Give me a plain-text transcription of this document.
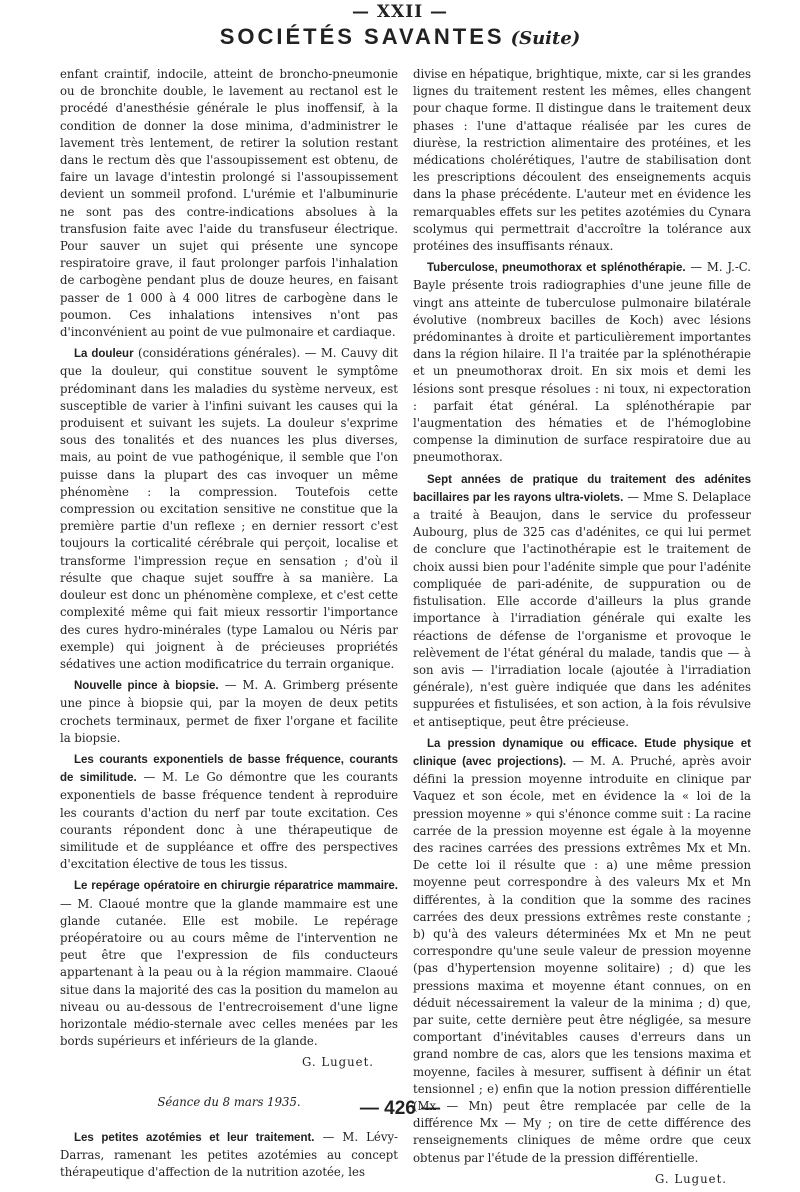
— XXII —
SOCIÉTÉS SAVANTES (Suite)

enfant craintif, indocile, atteint de broncho-pneumonie ou de bronchite double, le lavement au rectanol est le procédé d'anesthésie générale le plus inoffensif, à la condition de donner la dose minima, d'administrer le lavement très lentement, de retirer la solution restant dans le rectum dès que l'assoupissement est obtenu, de faire un lavage d'intestin prolongé si l'assoupissement devient un sommeil profond. L'urémie et l'albuminurie ne sont pas des contre-indications absolues à la transfusion faite avec l'aide du transfuseur électrique. Pour sauver un sujet qui présente une syncope respiratoire grave, il faut prolonger parfois l'inhalation de carbogène pendant plus de douze heures, en faisant passer de 1 000 à 4 000 litres de carbogène dans le poumon. Ces inhalations intensives n'ont pas d'inconvénient au point de vue pulmonaire et cardiaque.

La douleur (considérations générales). — M. Cauvy dit que la douleur, qui constitue souvent le symptôme prédominant dans les maladies du système nerveux, est susceptible de varier à l'infini suivant les causes qui la produisent et suivant les sujets. La douleur s'exprime sous des tonalités et des nuances les plus diverses, mais, au point de vue pathogénique, il semble que l'on puisse dans la plupart des cas invoquer un même phénomène : la compression. Toutefois cette compression ou excitation sensitive ne constitue que la première partie d'un reflexe ; en dernier ressort c'est toujours la corticalité cérébrale qui perçoit, localise et transforme l'impression reçue en sensation ; d'où il résulte que chaque sujet souffre à sa manière. La douleur est donc un phénomène complexe, et c'est cette complexité même qui fait mieux ressortir l'importance des cures hydro-minérales (type Lamalou ou Néris par exemple) qui joignent à de précieuses propriétés sédatives une action modificatrice du terrain organique.

Nouvelle pince à biopsie. — M. A. Grimberg présente une pince à biopsie qui, par la moyen de deux petits crochets terminaux, permet de fixer l'organe et facilite la biopsie.

Les courants exponentiels de basse fréquence, courants de similitude. — M. Le Go démontre que les courants exponentiels de basse fréquence tendent à reproduire les courants d'action du nerf par toute excitation. Ces courants répondent donc à une thérapeutique de similitude et de suppléance et offre des perspectives d'excitation élective de tous les tissus.

Le repérage opératoire en chirurgie réparatrice mammaire. — M. Claoué montre que la glande mammaire est une glande cutanée. Elle est mobile. Le repérage préopératoire ou au cours même de l'intervention ne peut être que l'expression de fils conducteurs appartenant à la peau ou à la région mammaire. Claoué situe dans la majorité des cas la position du mamelon au niveau ou au-dessous de l'entrecroisement d'une ligne horizontale médio-sternale avec celles menées par les bords supérieurs et inférieurs de la glande.

G. Luguet.

Séance du 8 mars 1935.

Les petites azotémies et leur traitement. — M. Lévy-Darras, ramenant les petites azotémies au concept thérapeutique d'affection de la nutrition azotée, les

divise en hépatique, brightique, mixte, car si les grandes lignes du traitement restent les mêmes, elles changent pour chaque forme. Il distingue dans le traitement deux phases : l'une d'attaque réalisée par les cures de diurèse, la restriction alimentaire des protéines, et les médications cholérétiques, l'autre de stabilisation dont les prescriptions découlent des enseignements acquis dans la phase précédente. L'auteur met en évidence les remarquables effets sur les petites azotémies du Cynara scolymus qui permettrait d'accroître la tolérance aux protéines des insuffisants rénaux.

Tuberculose, pneumothorax et splénothérapie. — M. J.-C. Bayle présente trois radiographies d'une jeune fille de vingt ans atteinte de tuberculose pulmonaire bilatérale évolutive (nombreux bacilles de Koch) avec lésions prédominantes à droite et particulièrement importantes dans la région hilaire. Il l'a traitée par la splénothérapie et un pneumothorax droit. En six mois et demi les lésions sont presque résolues : ni toux, ni expectoration : parfait état général. La splénothérapie par l'augmentation des hématies et de l'hémoglobine compense la diminution de surface respiratoire due au pneumothorax.

Sept années de pratique du traitement des adénites bacillaires par les rayons ultra-violets. — Mme S. Delaplace a traité à Beaujon, dans le service du professeur Aubourg, plus de 325 cas d'adénites, ce qui lui permet de conclure que l'actinothérapie est le traitement de choix aussi bien pour l'adénite simple que pour l'adénite compliquée de pari-adénite, de suppuration ou de fistulisation. Elle accorde d'ailleurs la plus grande importance à l'irradiation générale qui exalte les réactions de défense de l'organisme et provoque le relèvement de l'état général du malade, tandis que — à son avis — l'irradiation locale (ajoutée à l'irradiation générale), n'est guère indiquée que dans les adénites suppurées et fistulisées, et son action, à la fois révulsive et antiseptique, peut être précieuse.

La pression dynamique ou efficace. Etude physique et clinique (avec projections). — M. A. Pruché, après avoir défini la pression moyenne introduite en clinique par Vaquez et son école, met en évidence la « loi de la pression moyenne » qui s'énonce comme suit : La racine carrée de la pression moyenne est égale à la moyenne des racines carrées des pressions extrêmes Mx et Mn. De cette loi il résulte que : a) une même pression moyenne peut correspondre à des valeurs Mx et Mn différentes, à la condition que la somme des racines carrées des deux pressions extrêmes reste constante ; b) qu'à des valeurs déterminées Mx et Mn ne peut correspondre qu'une seule valeur de pression moyenne (pas d'hypertension moyenne solitaire) ; d) que les pressions maxima et moyenne étant connues, on en déduit nécessairement la valeur de la minima ; d) que, par suite, cette dernière peut être négligée, sa mesure comportant d'inévitables causes d'erreurs dans un grand nombre de cas, alors que les tensions maxima et moyenne, faciles à mesurer, suffisent à définir un état tensionnel ; e) enfin que la notion pression différentielle (Mx — Mn) peut être remplacée par celle de la différence Mx — My ; on tire de cette différence des renseignements cliniques de même ordre que ceux obtenus par l'étude de la pression différentielle.

G. Luguet.

— 426 —
